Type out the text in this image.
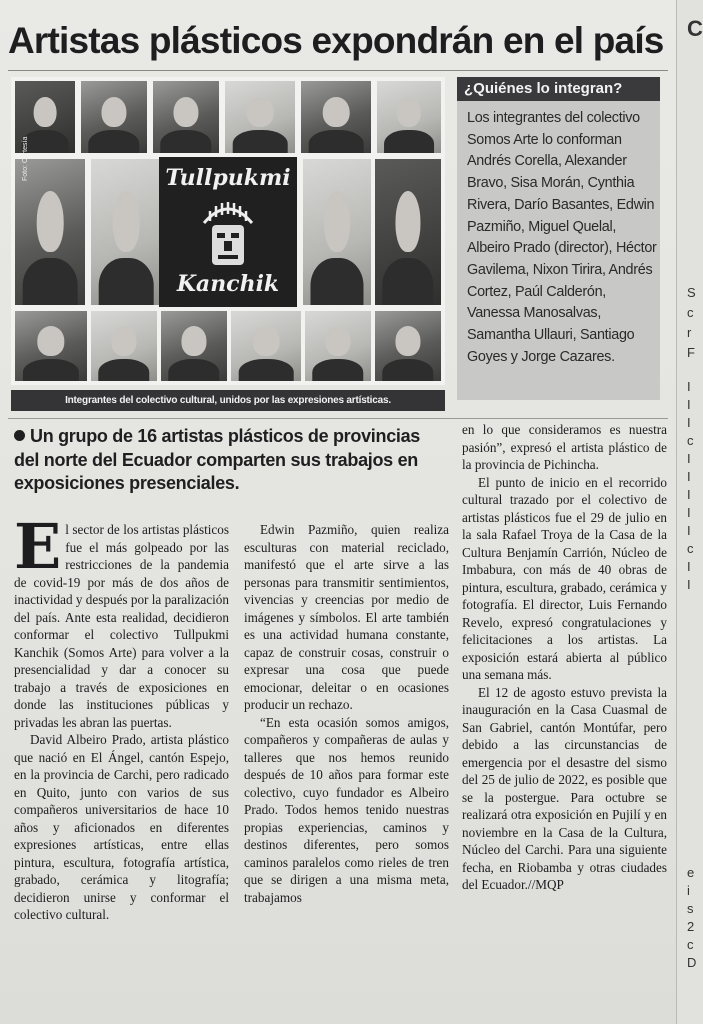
C
S
c
r
F
I
I
I
c
I
I
I
I
I
c
I
I
e
i
s
2
c
D
Artistas plásticos expondrán en el país
Tullpukmi
Kanchik
Foto: Cortesía
Integrantes del colectivo cultural, unidos por las expresiones artísticas.
¿Quiénes lo integran?
Los integrantes del colectivo Somos Arte lo conforman Andrés Corella, Alexander Bravo, Sisa Morán, Cynthia Rivera, Darío Basantes, Edwin Pazmiño, Miguel Quelal, Albeiro Prado (director), Héctor Gavilema, Nixon Tirira, Andrés Cortez, Paúl Calderón, Vanessa Manosalvas, Samantha Ullauri, Santiago Goyes y Jorge Cazares.
Un grupo de 16 artistas plásticos de provincias del norte del Ecuador comparten sus trabajos en exposiciones presenciales.

El sector de los artistas plásticos fue el más golpeado por las restricciones de la pandemia de covid-19 por más de dos años de inactividad y después por la paralización del país. Ante esta realidad, decidieron conformar el colectivo Tullpukmi Kanchik (Somos Arte) para volver a la presencialidad y dar a conocer su trabajo a través de exposiciones en donde las instituciones públicas y privadas les abran las puertas.

David Albeiro Prado, artista plástico que nació en El Ángel, cantón Espejo, en la provincia de Carchi, pero radicado en Quito, junto con varios de sus compañeros universitarios de hace 10 años y aficionados en diferentes expresiones artísticas, entre ellas pintura, escultura, fotografía artística, grabado, cerámica y litografía; decidieron unirse y conformar el colectivo cultural.

Edwin Pazmiño, quien realiza esculturas con material reciclado, manifestó que el arte sirve a las personas para transmitir sentimientos, vivencias y creencias por medio de imágenes y símbolos. El arte también es una actividad humana constante, capaz de construir cosas, construir o expresar una cosa que puede emocionar, deleitar o en ocasiones producir un rechazo.

“En esta ocasión somos amigos, compañeros y compañeras de aulas y talleres que nos hemos reunido después de 10 años para formar este colectivo, cuyo fundador es Albeiro Prado. Todos hemos tenido nuestras propias experiencias, caminos y destinos diferentes, pero somos caminos paralelos como rieles de tren que se dirigen a una misma meta, trabajamos

en lo que consideramos es nuestra pasión”, expresó el artista plástico de la provincia de Pichincha.

El punto de inicio en el recorrido cultural trazado por el colectivo de artistas plásticos fue el 29 de julio en la sala Rafael Troya de la Casa de la Cultura Benjamín Carrión, Núcleo de Imbabura, con más de 40 obras de pintura, escultura, grabado, cerámica y fotografía. El director, Luis Fernando Revelo, expresó congratulaciones y felicitaciones a los artistas. La exposición estará abierta al público una semana más.

El 12 de agosto estuvo prevista la inauguración en la Casa Cuasmal de San Gabriel, cantón Montúfar, pero debido a las circunstancias de emergencia por el desastre del sismo del 25 de julio de 2022, es posible que se la postergue. Para octubre se realizará otra exposición en Pujilí y en noviembre en la Casa de la Cultura, Núcleo del Carchi. Para una siguiente fecha, en Riobamba y otras ciudades del Ecuador.//MQP
